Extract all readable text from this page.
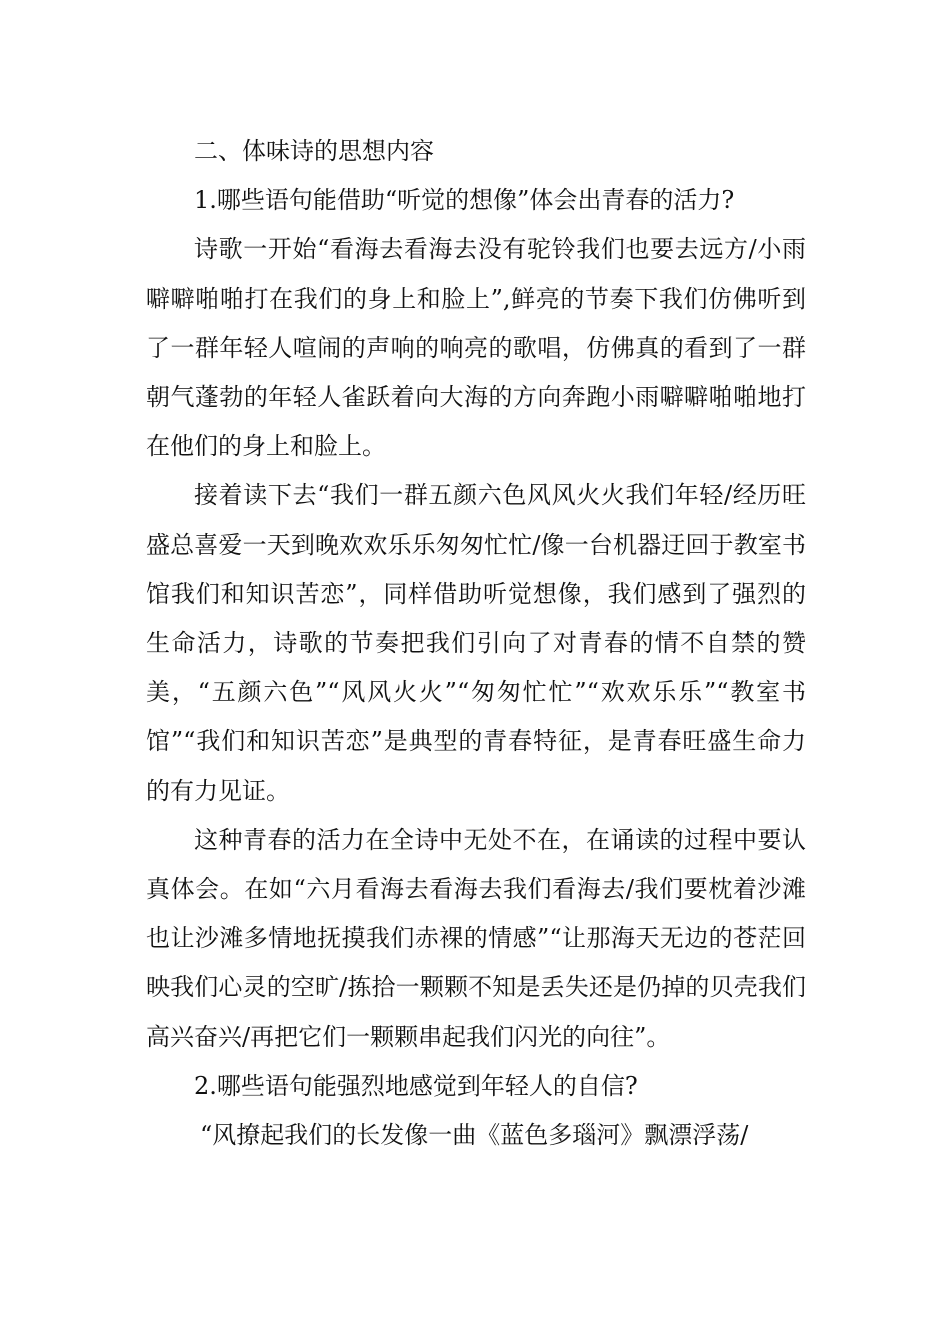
二、体味诗的思想内容

1.哪些语句能借助“听觉的想像”体会出青春的活力?

诗歌一开始“看海去看海去没有驼铃我们也要去远方/小雨噼噼啪啪打在我们的身上和脸上”,鲜亮的节奏下我们仿佛听到了一群年轻人喧闹的声响的响亮的歌唱，仿佛真的看到了一群朝气蓬勃的年轻人雀跃着向大海的方向奔跑小雨噼噼啪啪地打在他们的身上和脸上。

接着读下去“我们一群五颜六色风风火火我们年轻/经历旺盛总喜爱一天到晚欢欢乐乐匆匆忙忙/像一台机器迂回于教室书馆我们和知识苦恋”，同样借助听觉想像，我们感到了强烈的生命活力，诗歌的节奏把我们引向了对青春的情不自禁的赞美，“五颜六色”“风风火火”“匆匆忙忙”“欢欢乐乐”“教室书馆”“我们和知识苦恋”是典型的青春特征，是青春旺盛生命力的有力见证。

这种青春的活力在全诗中无处不在，在诵读的过程中要认真体会。在如“六月看海去看海去我们看海去/我们要枕着沙滩也让沙滩多情地抚摸我们赤裸的情感”“让那海天无边的苍茫回映我们心灵的空旷/拣拾一颗颗不知是丢失还是仍掉的贝壳我们高兴奋兴/再把它们一颗颗串起我们闪光的向往”。

2.哪些语句能强烈地感觉到年轻人的自信?

“风撩起我们的长发像一曲《蓝色多瑙河》飘漂浮荡/
